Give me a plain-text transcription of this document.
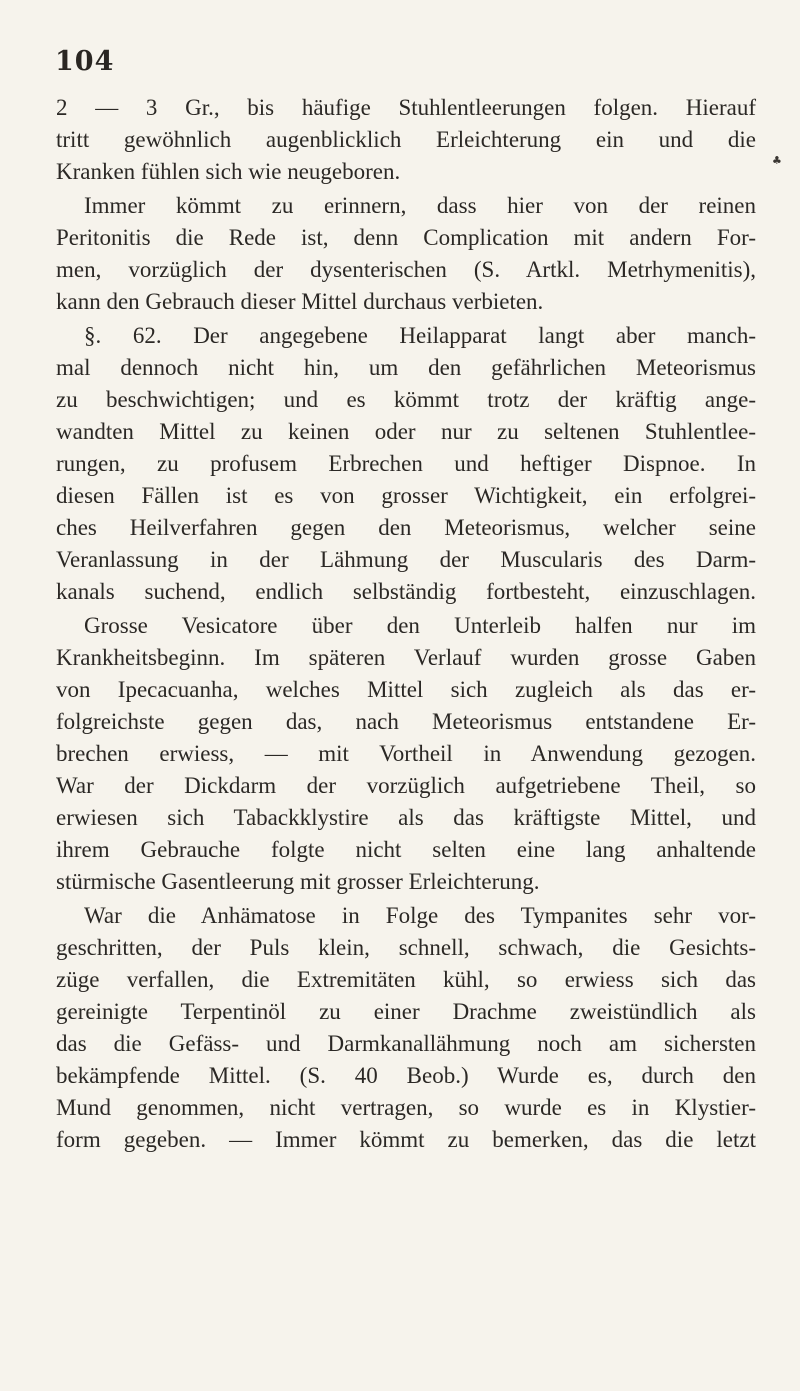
104
♣
2 — 3 Gr., bis häufige Stuhlentleerungen folgen. Hierauf
tritt gewöhnlich augenblicklich Erleichterung ein und die
Kranken fühlen sich wie neugeboren.
Immer kömmt zu erinnern, dass hier von der reinen
Peritonitis die Rede ist, denn Complication mit andern For-
men, vorzüglich der dysenterischen (S. Artkl. Metrhymenitis),
kann den Gebrauch dieser Mittel durchaus verbieten.
§. 62. Der angegebene Heilapparat langt aber manch-
mal dennoch nicht hin, um den gefährlichen Meteorismus
zu beschwichtigen; und es kömmt trotz der kräftig ange-
wandten Mittel zu keinen oder nur zu seltenen Stuhlentlee-
rungen, zu profusem Erbrechen und heftiger Dispnoe. In
diesen Fällen ist es von grosser Wichtigkeit, ein erfolgrei-
ches Heilverfahren gegen den Meteorismus, welcher seine
Veranlassung in der Lähmung der Muscularis des Darm-
kanals suchend, endlich selbständig fortbesteht, einzuschlagen.
Grosse Vesicatore über den Unterleib halfen nur im
Krankheitsbeginn. Im späteren Verlauf wurden grosse Gaben
von Ipecacuanha, welches Mittel sich zugleich als das er-
folgreichste gegen das, nach Meteorismus entstandene Er-
brechen erwiess, — mit Vortheil in Anwendung gezogen.
War der Dickdarm der vorzüglich aufgetriebene Theil, so
erwiesen sich Tabackklystire als das kräftigste Mittel, und
ihrem Gebrauche folgte nicht selten eine lang anhaltende
stürmische Gasentleerung mit grosser Erleichterung.
War die Anhämatose in Folge des Tympanites sehr vor-
geschritten, der Puls klein, schnell, schwach, die Gesichts-
züge verfallen, die Extremitäten kühl, so erwiess sich das
gereinigte Terpentinöl zu einer Drachme zweistündlich als
das die Gefäss- und Darmkanallähmung noch am sichersten
bekämpfende Mittel. (S. 40 Beob.) Wurde es, durch den
Mund genommen, nicht vertragen, so wurde es in Klystier-
form gegeben. — Immer kömmt zu bemerken, das die letzt
